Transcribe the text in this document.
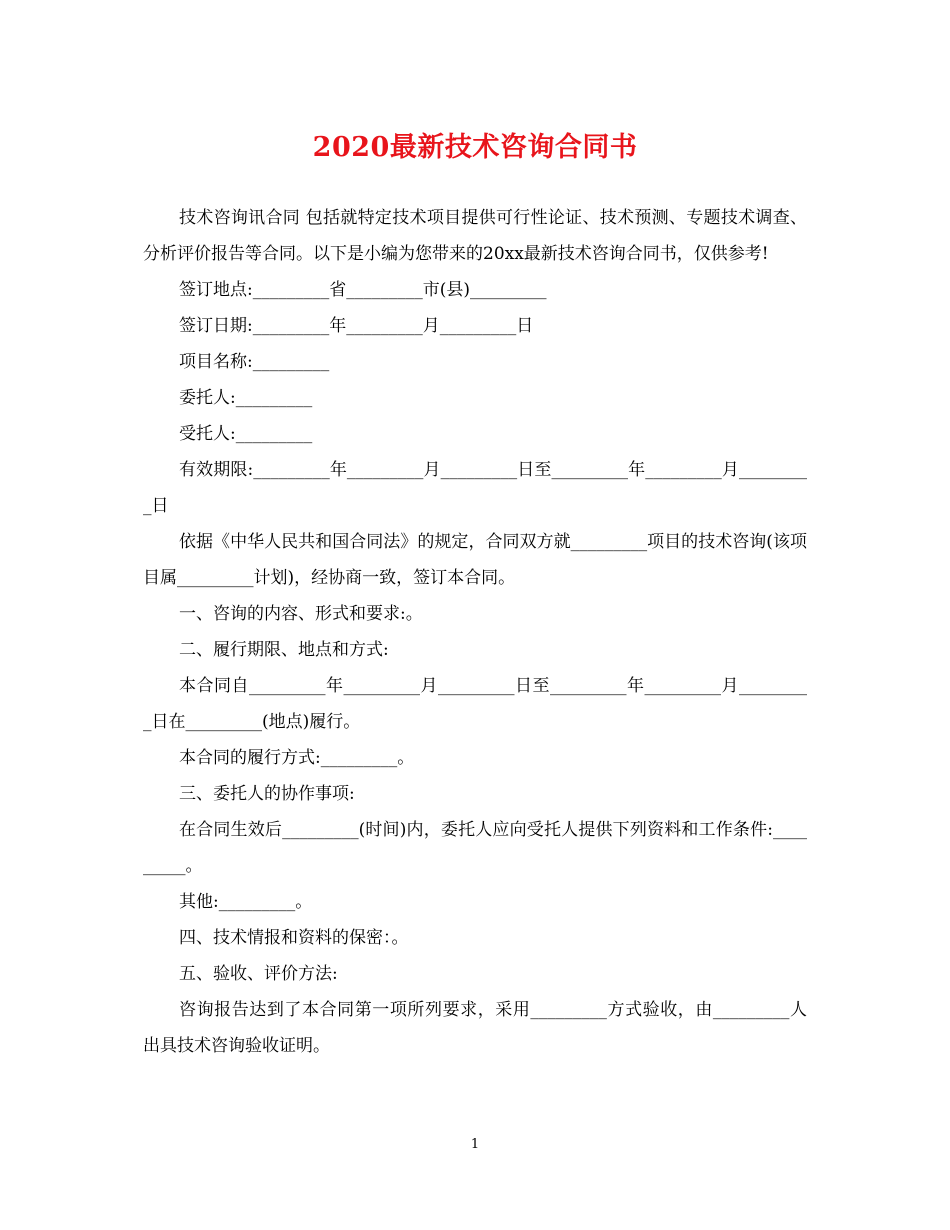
2020最新技术咨询合同书

技术咨询讯合同 包括就特定技术项目提供可行性论证、技术预测、专题技术调查、分析评价报告等合同。以下是小编为您带来的20xx最新技术咨询合同书，仅供参考!

签订地点:_________省_________市(县)_________

签订日期:_________年_________月_________日

项目名称:_________

委托人:_________

受托人:_________

有效期限:_________年_________月_________日至_________年_________月_________日

依据《中华人民共和国合同法》的规定，合同双方就_________项目的技术咨询(该项目属_________计划)，经协商一致，签订本合同。

一、咨询的内容、形式和要求:。

二、履行期限、地点和方式:

本合同自_________年_________月_________日至_________年_________月_________日在_________(地点)履行。

本合同的履行方式:_________。

三、委托人的协作事项:

在合同生效后_________(时间)内，委托人应向受托人提供下列资料和工作条件:_________。

其他:_________。

四、技术情报和资料的保密：。

五、验收、评价方法:

咨询报告达到了本合同第一项所列要求，采用_________方式验收，由_________人出具技术咨询验收证明。

1
